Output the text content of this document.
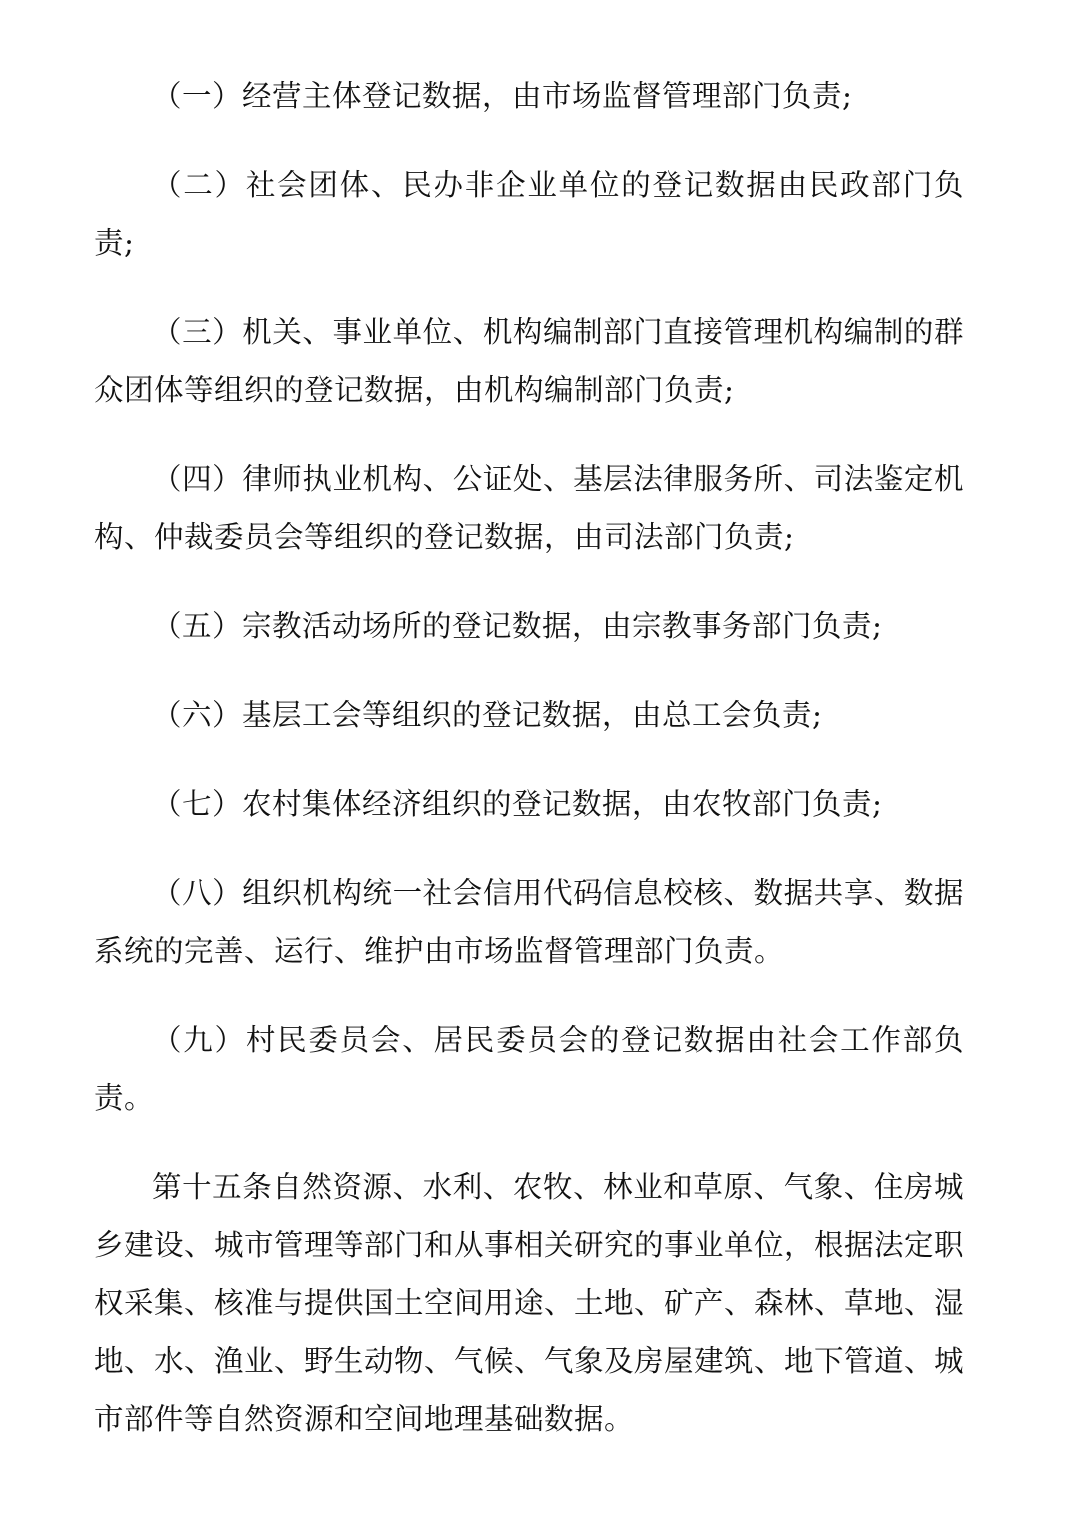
（一）经营主体登记数据，由市场监督管理部门负责;

（二）社会团体、民办非企业单位的登记数据由民政部门负责;

（三）机关、事业单位、机构编制部门直接管理机构编制的群众团体等组织的登记数据，由机构编制部门负责;

（四）律师执业机构、公证处、基层法律服务所、司法鉴定机构、仲裁委员会等组织的登记数据，由司法部门负责;

（五）宗教活动场所的登记数据，由宗教事务部门负责;

（六）基层工会等组织的登记数据，由总工会负责;

（七）农村集体经济组织的登记数据，由农牧部门负责;

（八）组织机构统一社会信用代码信息校核、数据共享、数据系统的完善、运行、维护由市场监督管理部门负责。

（九）村民委员会、居民委员会的登记数据由社会工作部负责。

第十五条自然资源、水利、农牧、林业和草原、气象、住房城乡建设、城市管理等部门和从事相关研究的事业单位，根据法定职权采集、核准与提供国土空间用途、土地、矿产、森林、草地、湿地、水、渔业、野生动物、气候、气象及房屋建筑、地下管道、城市部件等自然资源和空间地理基础数据。
